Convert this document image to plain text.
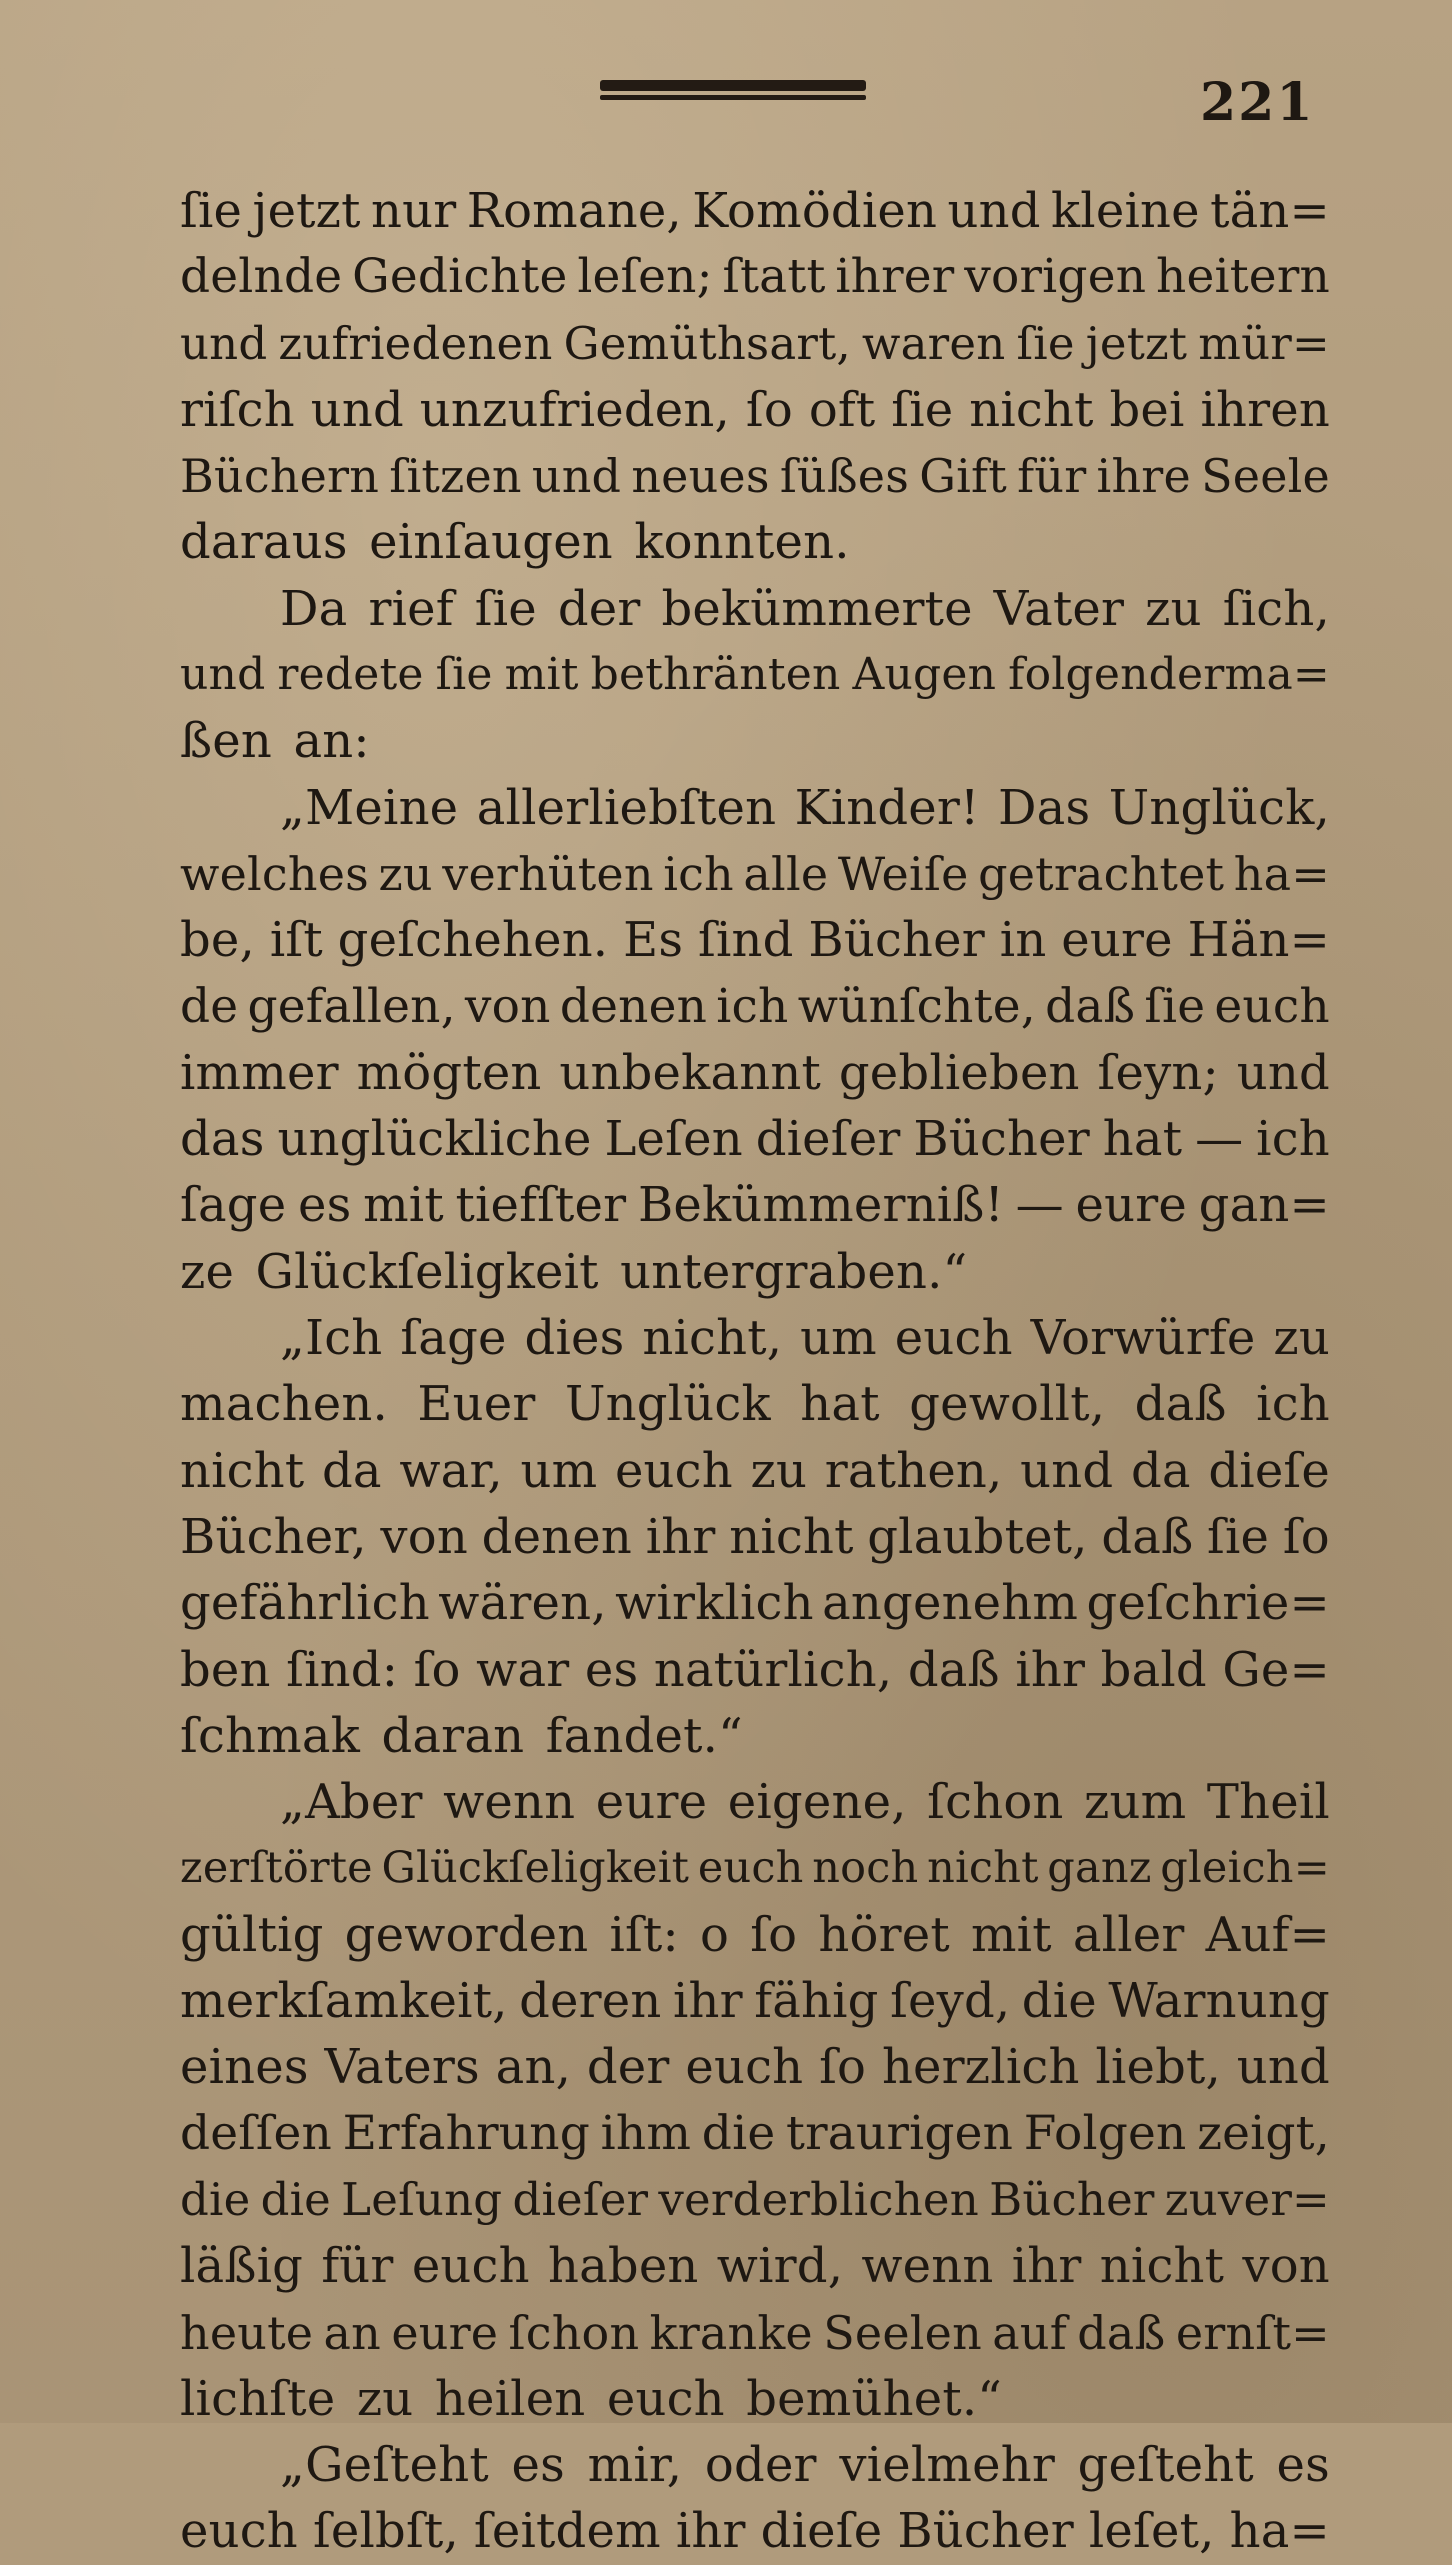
221
ſie jetzt nur Romane, Komödien und kleine tän=
delnde Gedichte leſen; ſtatt ihrer vorigen heitern
und zufriedenen Gemüthsart, waren ſie jetzt mür=
riſch und unzufrieden, ſo oft ſie nicht bei ihren
Büchern ſitzen und neues ſüßes Gift für ihre Seele
daraus einſaugen konnten.
Da rief ſie der bekümmerte Vater zu ſich,
und redete ſie mit bethränten Augen folgenderma=
ßen an:
„Meine allerliebſten Kinder! Das Unglück,
welches zu verhüten ich alle Weiſe getrachtet ha=
be, iſt geſchehen. Es ſind Bücher in eure Hän=
de gefallen, von denen ich wünſchte, daß ſie euch
immer mögten unbekannt geblieben ſeyn; und
das unglückliche Leſen dieſer Bücher hat — ich
ſage es mit tiefſter Bekümmerniß! — eure gan=
ze Glückſeligkeit untergraben.“
„Ich ſage dies nicht, um euch Vorwürfe zu
machen. Euer Unglück hat gewollt, daß ich
nicht da war, um euch zu rathen, und da dieſe
Bücher, von denen ihr nicht glaubtet, daß ſie ſo
gefährlich wären, wirklich angenehm geſchrie=
ben ſind: ſo war es natürlich, daß ihr bald Ge=
ſchmak daran fandet.“
„Aber wenn eure eigene, ſchon zum Theil
zerſtörte Glückſeligkeit euch noch nicht ganz gleich=
gültig geworden iſt: o ſo höret mit aller Auf=
merkſamkeit, deren ihr fähig ſeyd, die Warnung
eines Vaters an, der euch ſo herzlich liebt, und
deſſen Erfahrung ihm die traurigen Folgen zeigt,
die die Leſung dieſer verderblichen Bücher zuver=
läßig für euch haben wird, wenn ihr nicht von
heute an eure ſchon kranke Seelen auf daß ernſt=
lichſte zu heilen euch bemühet.“
„Geſteht es mir, oder vielmehr geſteht es
euch ſelbſt, ſeitdem ihr dieſe Bücher leſet, ha=
